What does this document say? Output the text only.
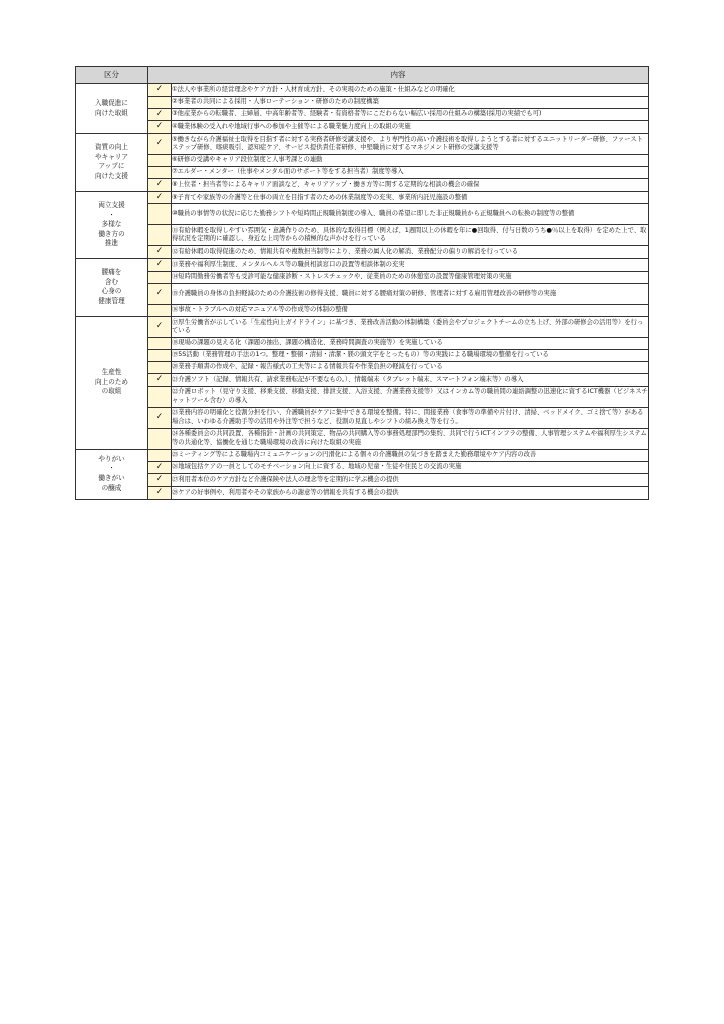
区分	内容	
入職促進に
向けた取組	✓	①法人や事業所の経営理念やケア方針・人材育成方針、その実現のための施策・仕組みなどの明確化
		②事業者の共同による採用・人事ローテーション・研修のための制度構築
	✓	③他産業からの転職者、主婦層、中高年齢者等、経験者・有資格者等にこだわらない幅広い採用の仕組みの構築(採用の実績でも可)
	✓	④職業体験の受入れや地域行事への参加や主催等による職業魅力度向上の取組の実施
資質の向上
やキャリア
アップに
向けた支援	✓	⑤働きながら介護福祉士取得を目指す者に対する実務者研修受講支援や、より専門性の高い介護技術を取得しようとする者に対するユニットリーダー研修、ファーストステップ研修、喀痰吸引、認知症ケア、サービス提供責任者研修、中堅職員に対するマネジメント研修の受講支援等
		⑥研修の受講やキャリア段位制度と人事考課との連動
		⑦エルダー・メンター（仕事やメンタル面のサポート等をする担当者）制度等導入
	✓	⑧上位者・担当者等によるキャリア面談など、キャリアアップ・働き方等に関する定期的な相談の機会の確保
両立支援
・
多様な
働き方の
推進	✓	⑨子育てや家族等の介護等と仕事の両立を目指す者のための休業制度等の充実、事業所内託児施設の整備
		⑩職員の事情等の状況に応じた勤務シフトや短時間正規職員制度の導入、職員の希望に即した非正規職員から正規職員への転換の制度等の整備
		⑪有給休暇を取得しやすい雰囲気・意識作りのため、具体的な取得目標（例えば、1週間以上の休暇を年に●回取得、付与日数のうち●％以上を取得）を定めた上で、取得状況を定期的に確認し、身近な上司等からの積極的な声かけを行っている
	✓	⑫有給休暇の取得促進のため、情報共有や複数担当制等により、業務の属人化の解消、業務配分の偏りの解消を行っている
腰痛を
含む
心身の
健康管理	✓	⑬業務や福利厚生制度、メンタルヘルス等の職員相談窓口の設置等相談体制の充実
		⑭短時間勤務労働者等も受診可能な健康診断・ストレスチェックや、従業員のための休憩室の設置等健康管理対策の実施
	✓	⑮介護職員の身体の負担軽減のための介護技術の修得支援、職員に対する腰痛対策の研修、管理者に対する雇用管理改善の研修等の実施
		⑯事故・トラブルへの対応マニュアル等の作成等の体制の整備
生産性
向上のため
の取組	✓	⑰厚生労働省が示している「生産性向上ガイドライン」に基づき、業務改善活動の体制構築（委員会やプロジェクトチームの立ち上げ、外部の研修会の活用等）を行っている
		⑱現場の課題の見える化（課題の抽出、課題の構造化、業務時間調査の実施等）を実施している
		⑲5S活動（業務管理の手法の1つ。整理・整頓・清掃・清潔・躾の頭文字をとったもの）等の実践による職場環境の整備を行っている
		⑳業務手順書の作成や、記録・報告様式の工夫等による情報共有や作業負担の軽減を行っている
	✓	㉑介護ソフト（記録、情報共有、請求業務転記が不要なもの。）、情報端末（タブレット端末、スマートフォン端末等）の導入
		㉒介護ロボット（見守り支援、移乗支援、移動支援、排泄支援、入浴支援、介護業務支援等）又はインカム等の職員間の連絡調整の迅速化に資するICT機器（ビジネスチャットツール含む）の導入
	✓	㉓業務内容の明確化と役割分担を行い、介護職員がケアに集中できる環境を整備。特に、間接業務（食事等の準備や片付け、清掃、ベッドメイク、ゴミ捨て等）がある場合は、いわゆる介護助手等の活用や外注等で担うなど、役割の見直しやシフトの組み換え等を行う。
		㉔各種委員会の共同設置、各種指針・計画の共同策定、物品の共同購入等の事務処理部門の集約、共同で行うICTインフラの整備、人事管理システムや福利厚生システム等の共通化等、協働化を通じた職場環境の改善に向けた取組の実施
やりがい
・
働きがい
の醸成		㉕ミーティング等による職場内コミュニケーションの円滑化による個々の介護職員の気づきを踏まえた勤務環境やケア内容の改善
	✓	㉖地域包括ケアの一員としてのモチベーション向上に資する、地域の児童・生徒や住民との交流の実施
	✓	㉗利用者本位のケア方針など介護保険や法人の理念等を定期的に学ぶ機会の提供
	✓	㉘ケアの好事例や、利用者やその家族からの謝意等の情報を共有する機会の提供
